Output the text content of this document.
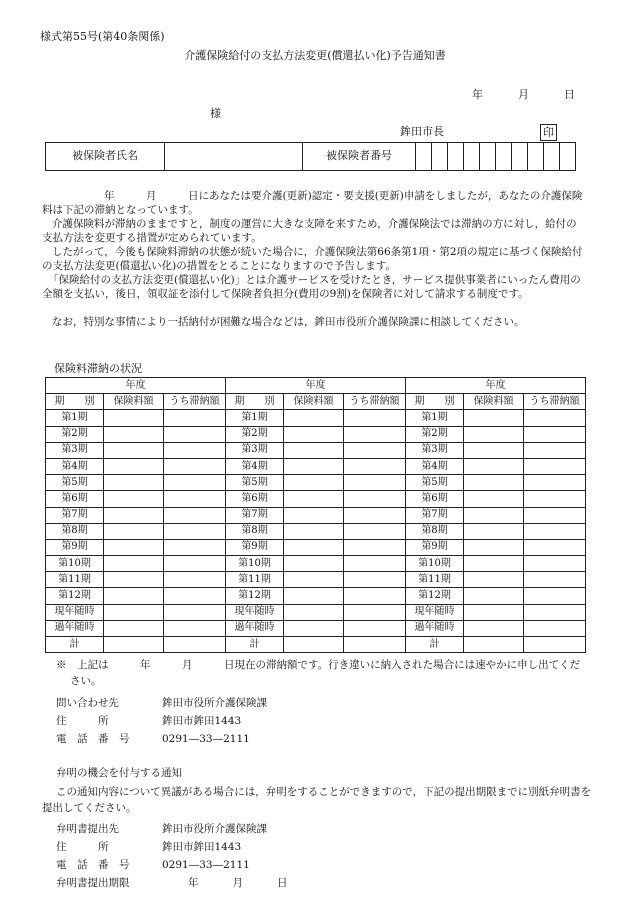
様式第55号(第40条関係)
介護保険給付の支払方法変更(償還払い化)予告通知書
年	月	日
様
鉾田市長	印
被保険者氏名		被保険者番号										
年　　　月　　　日にあなたは要介護(更新)認定・要支援(更新)申請をしましたが，あなたの介護保険料は下記の滞納となっています。
介護保険料が滞納のままですと，制度の運営に大きな支障を来すため，介護保険法では滞納の方に対し，給付の支払方法を変更する措置が定められています。
したがって，今後も保険料滞納の状態が続いた場合に，介護保険法第66条第1項・第2項の規定に基づく保険給付の支払方法変更(償還払い化)の措置をとることになりますので予告します。
「保険給付の支払方法変更(償還払い化)」とは介護サービスを受けたとき，サービス提供事業者にいったん費用の全額を支払い，後日，領収証を添付して保険者負担分(費用の9割)を保険者に対して請求する制度です。
なお，特別な事情により一括納付が困難な場合などは，鉾田市役所介護保険課に相談してください。
保険料滞納の状況
年度			年度			年度		
期　　別	保険料額	うち滞納額	期　　別	保険料額	うち滞納額	期　　別	保険料額	うち滞納額
第1期			第1期			第1期		
第2期			第2期			第2期		
第3期			第3期			第3期		
第4期			第4期			第4期		
第5期			第5期			第5期		
第6期			第6期			第6期		
第7期			第7期			第7期		
第8期			第8期			第8期		
第9期			第9期			第9期		
第10期			第10期			第10期		
第11期			第11期			第11期		
第12期			第12期			第12期		
現年随時			現年随時			現年随時		
過年随時			過年随時			過年随時		
計			計			計		
※　上記は　　　年　　　月　　　日現在の滞納額です。行き違いに納入された場合には速やかに申し出てください。
問い合わせ先	鉾田市役所介護保険課
住　　　所	鉾田市鉾田1443
電　話　番　号	0291―33―2111
弁明の機会を付与する通知
この通知内容について異議がある場合には，弁明をすることができますので，下記の提出期限までに別紙弁明書を提出してください。
弁明書提出先	鉾田市役所介護保険課
住　　　所	鉾田市鉾田1443
電　話　番　号	0291―33―2111
弁明書提出期限	年 月 日
